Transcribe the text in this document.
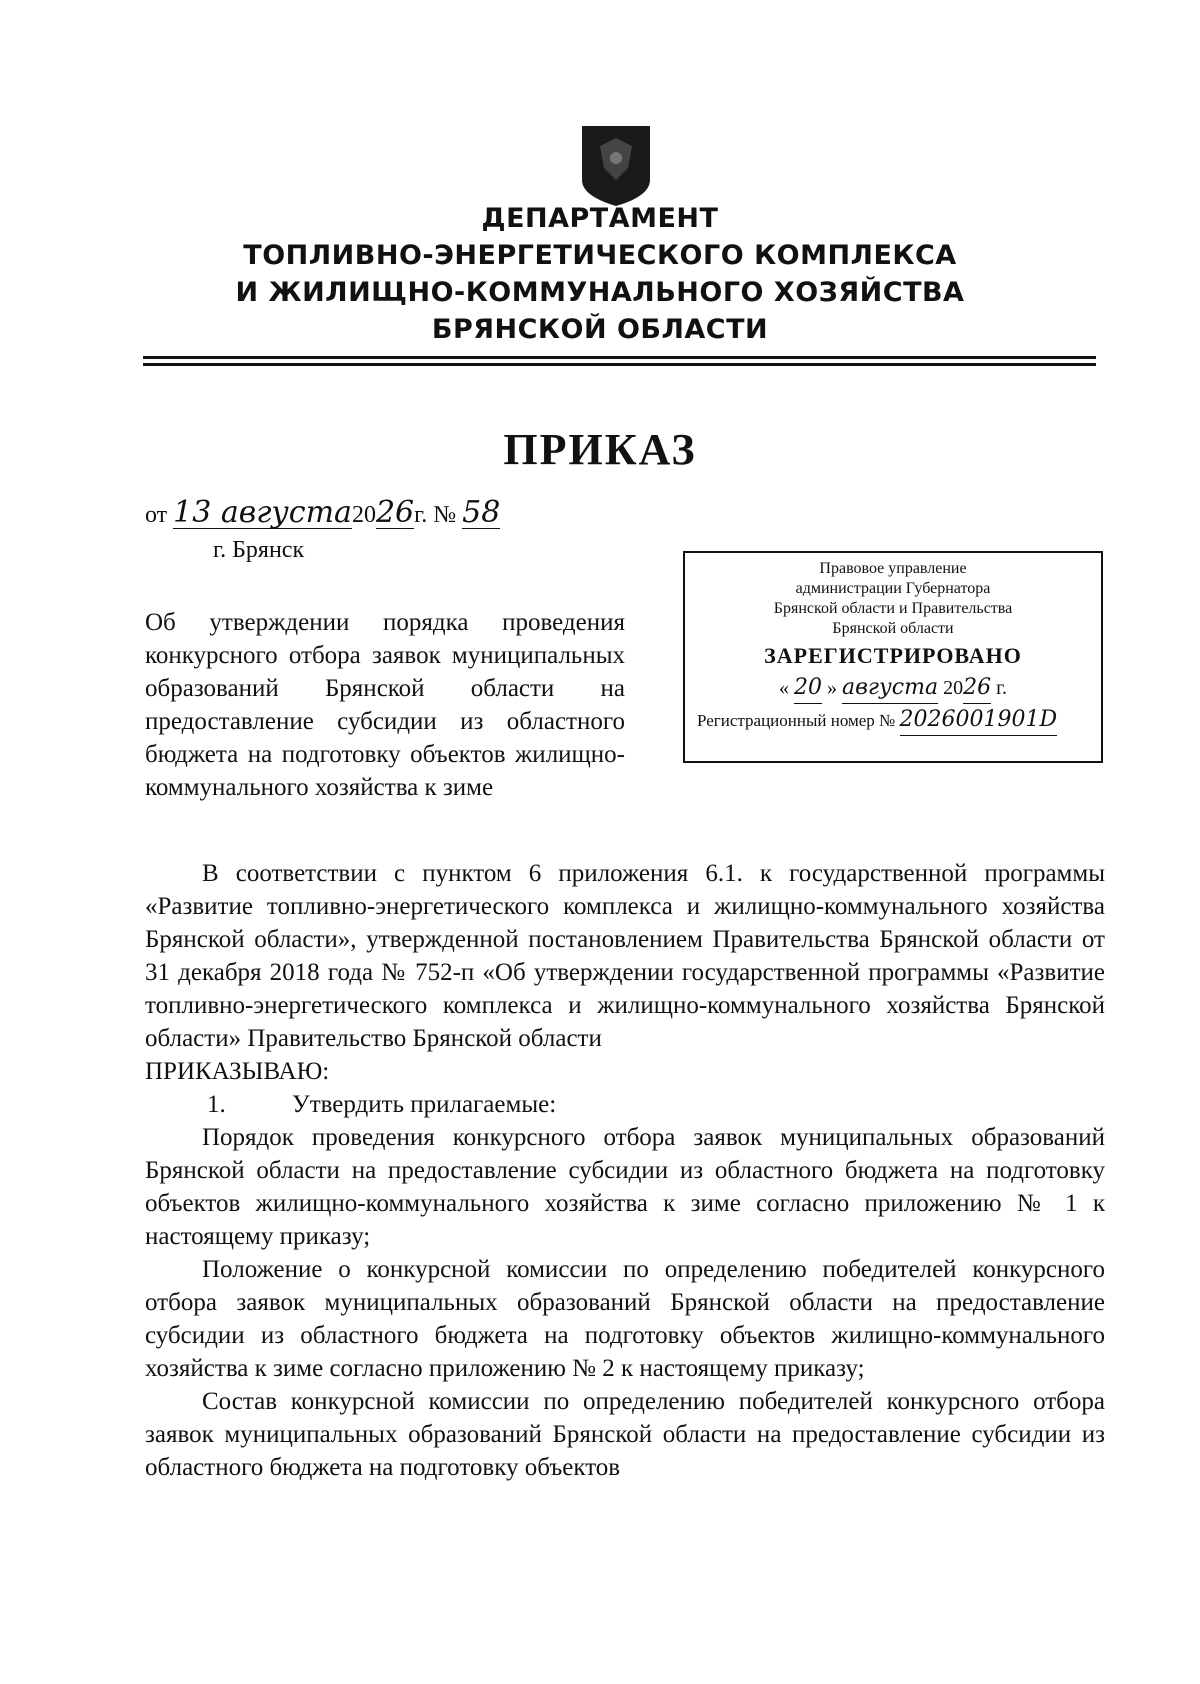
ДЕПАРТАМЕНТ
ТОПЛИВНО-ЭНЕРГЕТИЧЕСКОГО КОМПЛЕКСА
И ЖИЛИЩНО-КОММУНАЛЬНОГО ХОЗЯЙСТВА
БРЯНСКОЙ ОБЛАСТИ
ПРИКАЗ
от 13 августа2026г. № 58
г. Брянск
Правовое управление
администрации Губернатора
Брянской области и Правительства
Брянской области
ЗАРЕГИСТРИРОВАНО
« 20 » августа 2026 г.
Регистрационный номер № 2026001901D
Об утверждении порядка проведения конкурсного отбора заявок муниципальных образований Брянской области на предоставление субсидии из областного бюджета на подготовку объектов жилищно-коммунального хозяйства к зиме

В соответствии с пунктом 6 приложения 6.1. к государственной программы «Развитие топливно-энергетического комплекса и жилищно-коммунального хозяйства Брянской области», утвержденной постановлением Правительства Брянской области от 31 декабря 2018 года № 752-п «Об утверждении государственной программы «Развитие топливно-энергетического комплекса и жилищно-коммунального хозяйства Брянской области» Правительство Брянской области

ПРИКАЗЫВАЮ:

1.	Утвердить прилагаемые:

Порядок проведения конкурсного отбора заявок муниципальных образований Брянской области на предоставление субсидии из областного бюджета на подготовку объектов жилищно-коммунального хозяйства к зиме согласно приложению № 1 к настоящему приказу;

Положение о конкурсной комиссии по определению победителей конкурсного отбора заявок муниципальных образований Брянской области на предоставление субсидии из областного бюджета на подготовку объектов жилищно-коммунального хозяйства к зиме согласно приложению № 2 к настоящему приказу;

Состав конкурсной комиссии по определению победителей конкурсного отбора заявок муниципальных образований Брянской области на предоставление субсидии из областного бюджета на подготовку объектов
